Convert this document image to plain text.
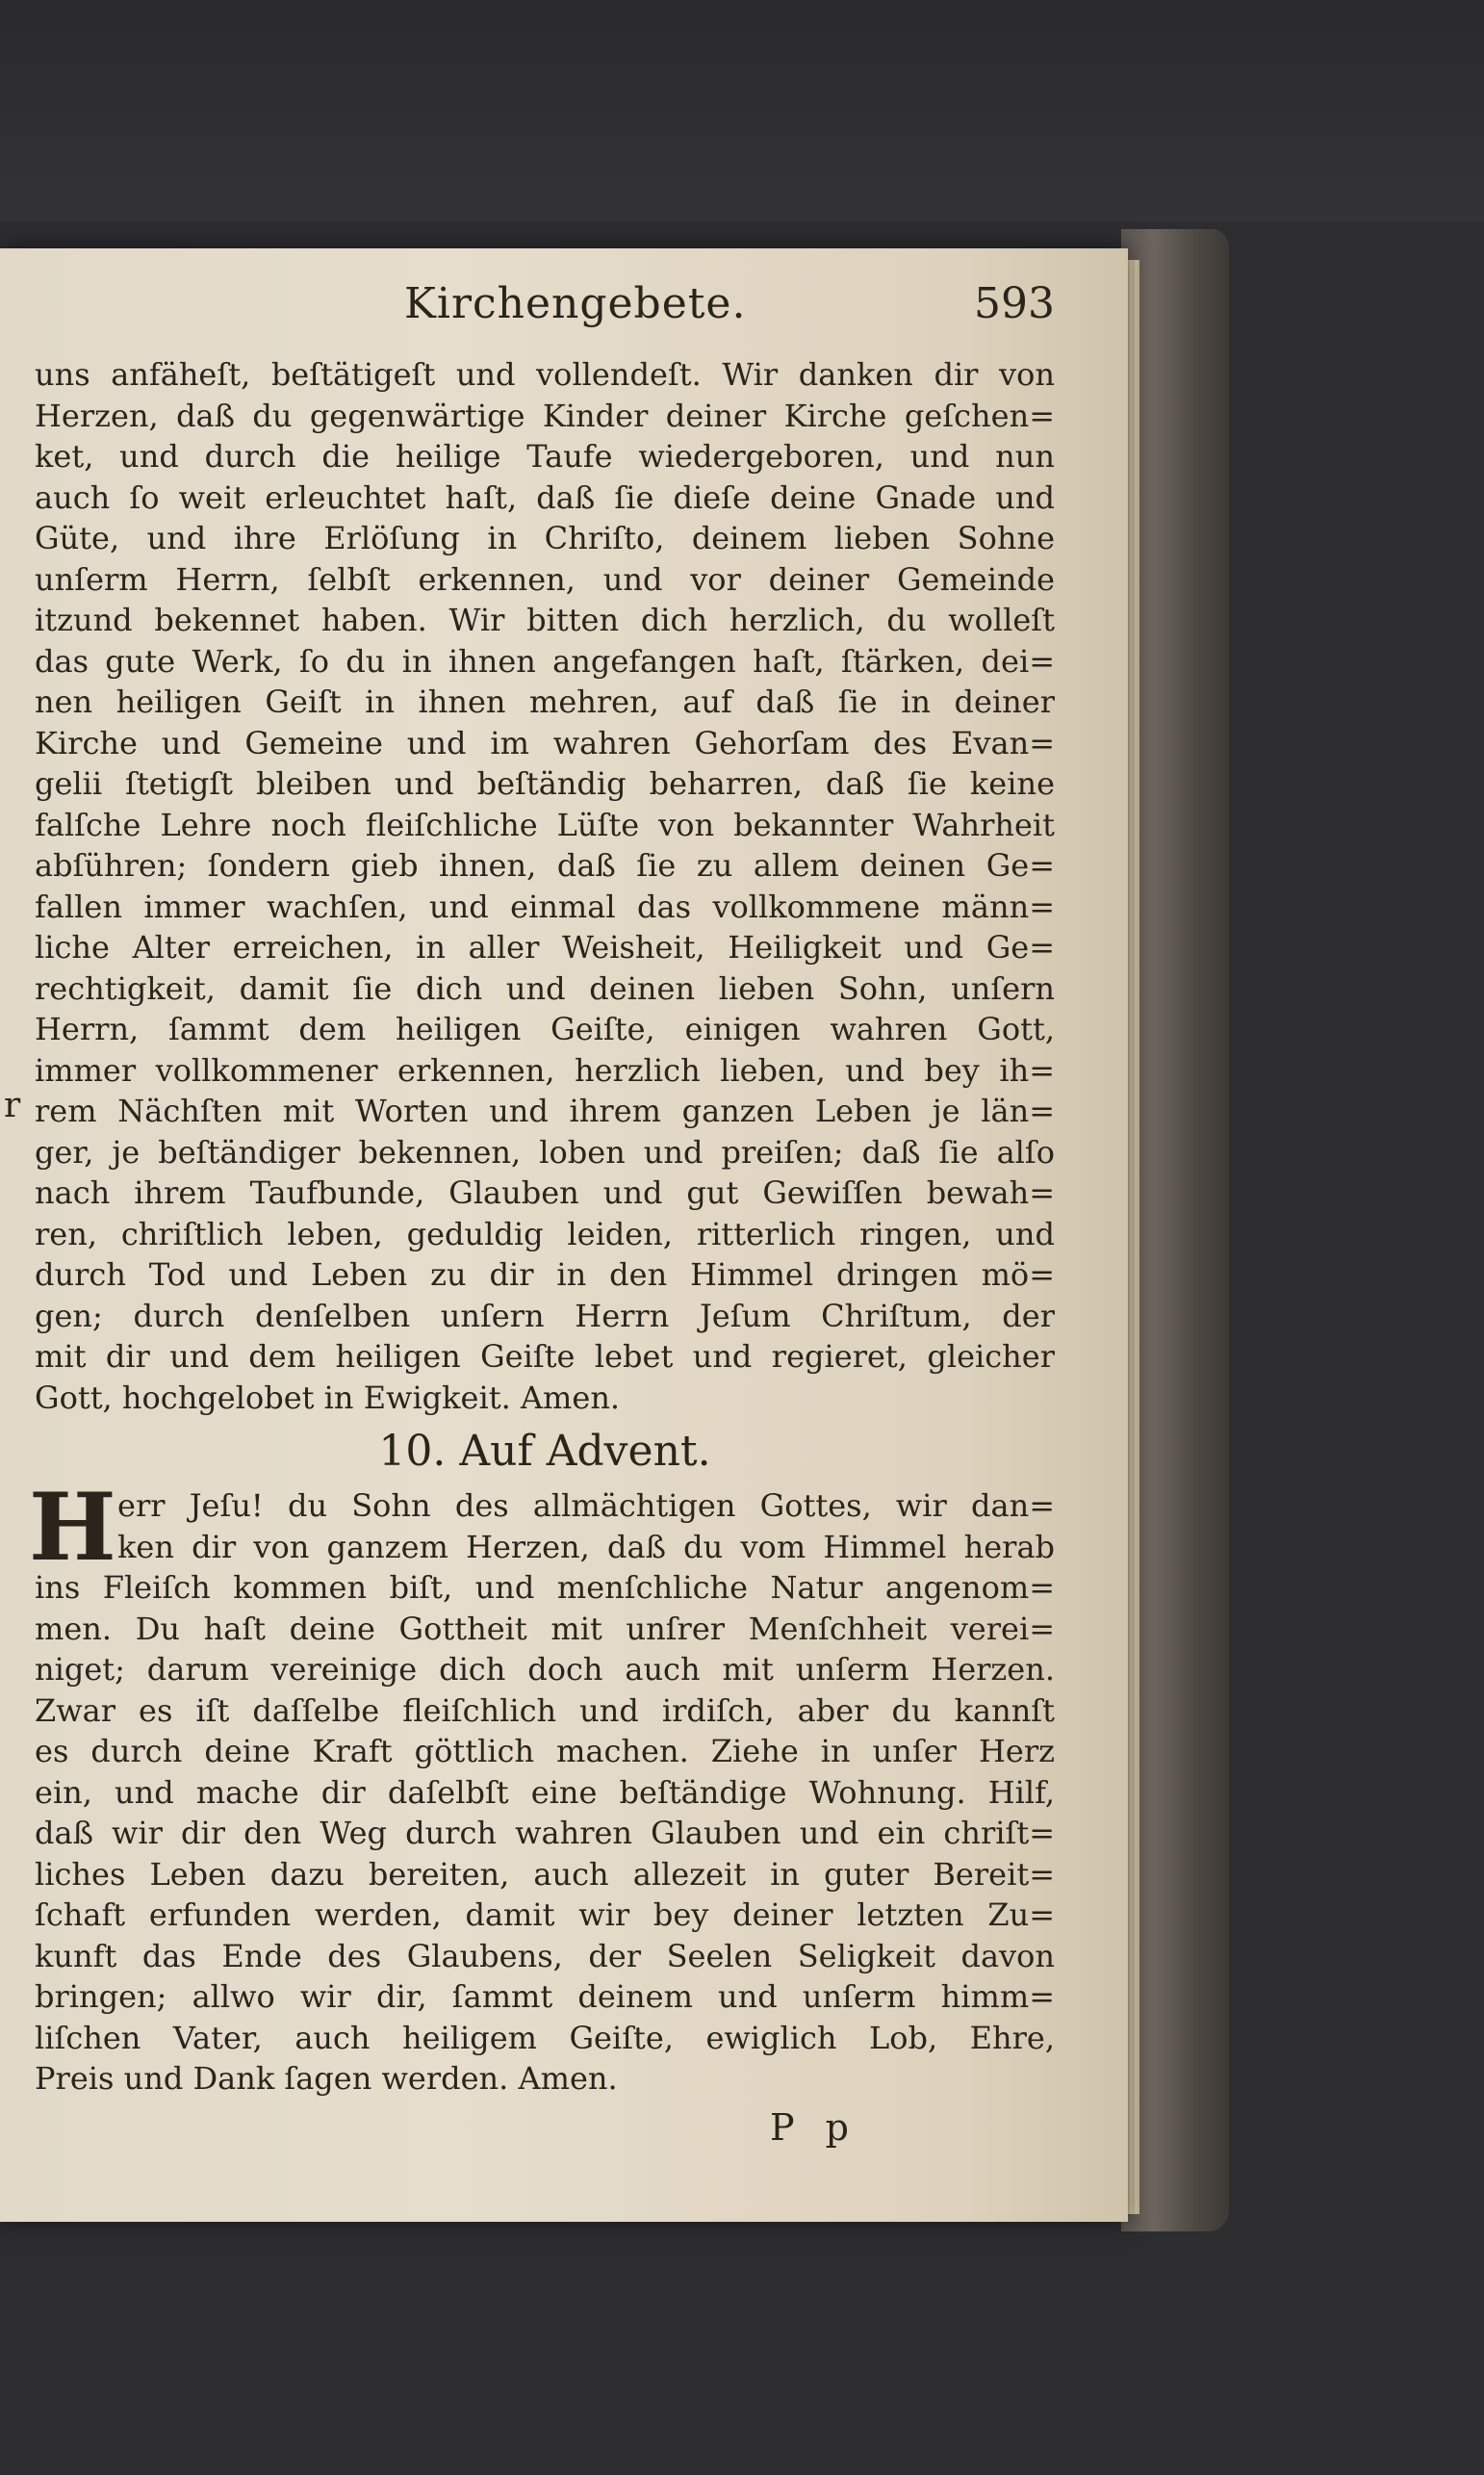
Kirchengebete.	593
r
uns anfäheſt, beſtätigeſt und vollendeſt. Wir danken dir von
Herzen, daß du gegenwärtige Kinder deiner Kirche geſchen=
ket, und durch die heilige Taufe wiedergeboren, und nun
auch ſo weit erleuchtet haſt, daß ſie dieſe deine Gnade und
Güte, und ihre Erlöſung in Chriſto, deinem lieben Sohne
unſerm Herrn, ſelbſt erkennen, und vor deiner Gemeinde
itzund bekennet haben. Wir bitten dich herzlich, du wolleſt
das gute Werk, ſo du in ihnen angefangen haſt, ſtärken, dei=
nen heiligen Geiſt in ihnen mehren, auf daß ſie in deiner
Kirche und Gemeine und im wahren Gehorſam des Evan=
gelii ſtetigſt bleiben und beſtändig beharren, daß ſie keine
falſche Lehre noch fleiſchliche Lüſte von bekannter Wahrheit
abſühren; ſondern gieb ihnen, daß ſie zu allem deinen Ge=
fallen immer wachſen, und einmal das vollkommene männ=
liche Alter erreichen, in aller Weisheit, Heiligkeit und Ge=
rechtigkeit, damit ſie dich und deinen lieben Sohn, unſern
Herrn, ſammt dem heiligen Geiſte, einigen wahren Gott,
immer vollkommener erkennen, herzlich lieben, und bey ih=
rem Nächſten mit Worten und ihrem ganzen Leben je län=
ger, je beſtändiger bekennen, loben und preiſen; daß ſie alſo
nach ihrem Taufbunde, Glauben und gut Gewiſſen bewah=
ren, chriſtlich leben, geduldig leiden, ritterlich ringen, und
durch Tod und Leben zu dir in den Himmel dringen mö=
gen; durch denſelben unſern Herrn Jeſum Chriſtum, der
mit dir und dem heiligen Geiſte lebet und regieret, gleicher
Gott, hochgelobet in Ewigkeit. Amen.
10. Auf Advent.
H err Jeſu! du Sohn des allmächtigen Gottes, wir dan=
ken dir von ganzem Herzen, daß du vom Himmel herab
ins Fleiſch kommen biſt, und menſchliche Natur angenom=
men. Du haſt deine Gottheit mit unſrer Menſchheit verei=
niget; darum vereinige dich doch auch mit unſerm Herzen.
Zwar es iſt daſſelbe fleiſchlich und irdiſch, aber du kannſt
es durch deine Kraft göttlich machen. Ziehe in unſer Herz
ein, und mache dir daſelbſt eine beſtändige Wohnung. Hilf,
daß wir dir den Weg durch wahren Glauben und ein chriſt=
liches Leben dazu bereiten, auch allezeit in guter Bereit=
ſchaft erfunden werden, damit wir bey deiner letzten Zu=
kunft das Ende des Glaubens, der Seelen Seligkeit davon
bringen; allwo wir dir, ſammt deinem und unſerm himm=
liſchen Vater, auch heiligem Geiſte, ewiglich Lob, Ehre,
Preis und Dank ſagen werden. Amen.
P p
